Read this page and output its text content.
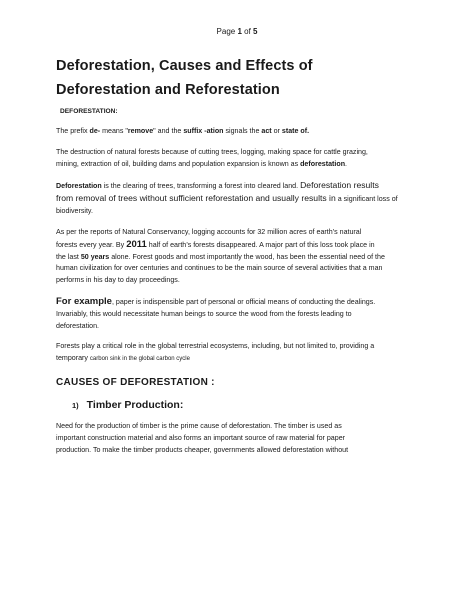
Page 1 of 5
Deforestation, Causes and Effects of
Deforestation and Reforestation
DEFORESTATION:
The prefix de- means "remove" and the suffix -ation signals the act or state of.
The destruction of natural forests because of cutting trees, logging, making space for cattle grazing,
mining, extraction of oil, building dams and population expansion is known as deforestation.
Deforestation is the clearing of trees, transforming a forest into cleared land. Deforestation results
from removal of trees without sufficient reforestation and usually results in a significant loss of
biodiversity.
As per the reports of Natural Conservancy, logging accounts for 32 million acres of earth’s natural
forests every year. By 2011 half of earth’s forests disappeared. A major part of this loss took place in
the last 50 years alone. Forest goods and most importantly the wood, has been the essential need of the
human civilization for over centuries and continues to be the main source of several activities that a man
performs in his day to day proceedings.
For example, paper is indispensible part of personal or official means of conducting the dealings.
Invariably, this would necessitate human beings to source the wood from the forests leading to
deforestation.
Forests play a critical role in the global terrestrial ecosystems, including, but not limited to, providing a
temporary carbon sink in the global carbon cycle
CAUSES OF DEFORESTATION :
1) Timber Production:
Need for the production of timber is the prime cause of deforestation. The timber is used as
important construction material and also forms an important source of raw material for paper
production. To make the timber products cheaper, governments allowed deforestation without
